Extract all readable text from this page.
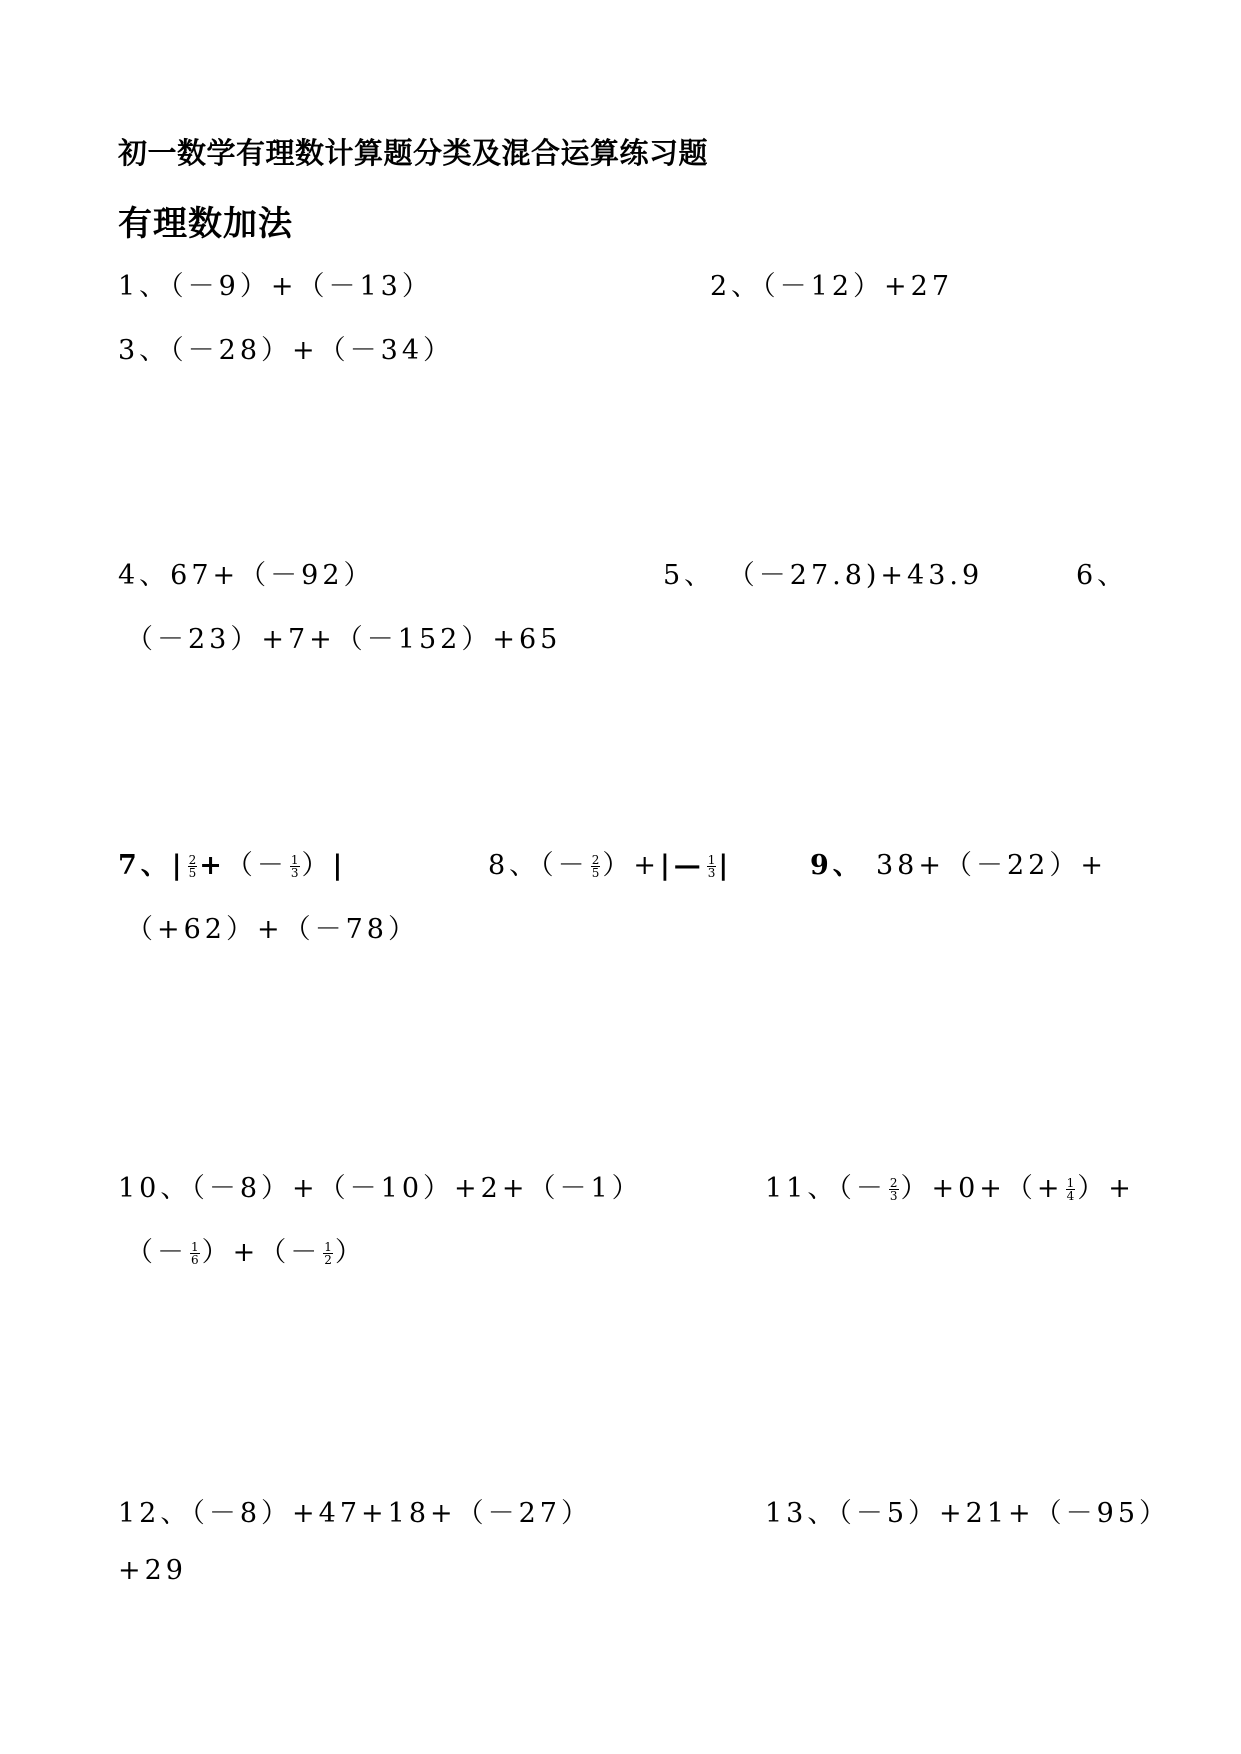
初一数学有理数计算题分类及混合运算练习题
有理数加法
1、（－9）+（－13）	2、（－12）+27
3、（－28）+（－34）
4、67+（－92）	5、 （－27.8)+43.9	6、
（－23）+7+（－152）+65
7、| $\frac{2}{5}$ +（－ $\frac{1}{3}$ ）|	8、（－ $\frac{2}{5}$ ）+|— $\frac{1}{3}$ |	9、 38+（－22）+
（+62）+（－78）
10、（－8）+（－10）+2+（－1）	11、（－ $\frac{2}{3} )+0+(+ \frac{1}{4}$ ）+
（－ $\frac{1}{6}$ ）+（－ $\frac{1}{2}$ ）
12、（－8）+47+18+（－27）	13、（－5）+21+（－95）
+29
